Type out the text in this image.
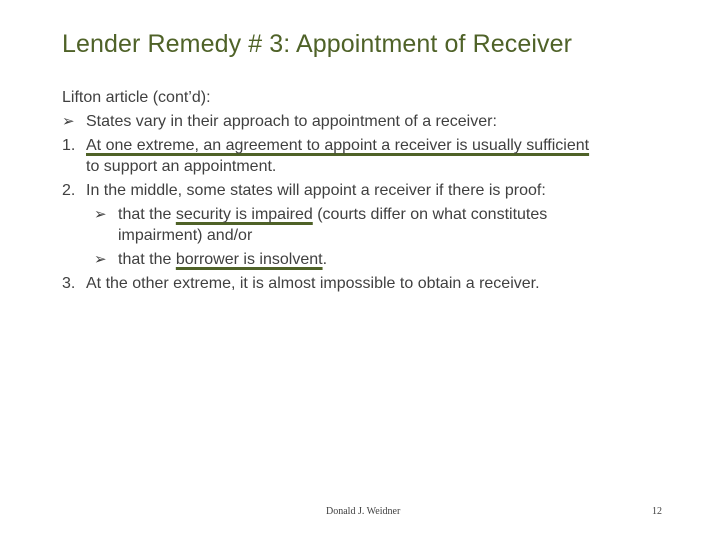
Lender Remedy # 3: Appointment of Receiver
Lifton article (cont’d):
➢ States vary in their approach to appointment of a receiver:
1. At one extreme, an agreement to appoint a receiver is usually sufficient
to support an appointment.
2. In the middle, some states will appoint a receiver if there is proof:
➢ that the security is impaired (courts differ on what constitutes
impairment) and/or
➢ that the borrower is insolvent.
3. At the other extreme, it is almost impossible to obtain a receiver.
Donald J. Weidner	12
